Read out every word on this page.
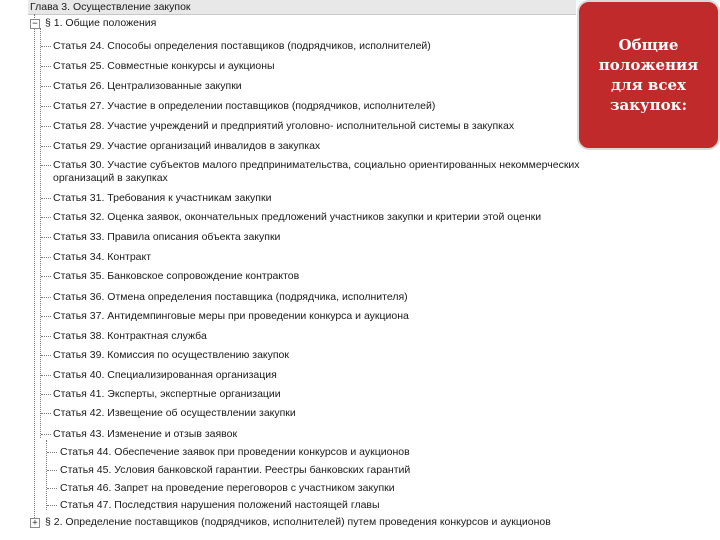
Глава 3. Осуществление закупок
− § 1. Общие положения
Статья 24. Способы определения поставщиков (подрядчиков, исполнителей)
Статья 25. Совместные конкурсы и аукционы
Статья 26. Централизованные закупки
Статья 27. Участие в определении поставщиков (подрядчиков, исполнителей)
Статья 28. Участие учреждений и предприятий уголовно- исполнительной системы в закупках
Статья 29. Участие организаций инвалидов в закупках
Статья 30. Участие субъектов малого предпринимательства, социально ориентированных некоммерческих
организаций в закупках
Статья 31. Требования к участникам закупки
Статья 32. Оценка заявок, окончательных предложений участников закупки и критерии этой оценки
Статья 33. Правила описания объекта закупки
Статья 34. Контракт
Статья 35. Банковское сопровождение контрактов
Статья 36. Отмена определения поставщика (подрядчика, исполнителя)
Статья 37. Антидемпинговые меры при проведении конкурса и аукциона
Статья 38. Контрактная служба
Статья 39. Комиссия по осуществлению закупок
Статья 40. Специализированная организация
Статья 41. Эксперты, экспертные организации
Статья 42. Извещение об осуществлении закупки
Статья 43. Изменение и отзыв заявок
Статья 44. Обеспечение заявок при проведении конкурсов и аукционов
Статья 45. Условия банковской гарантии. Реестры банковских гарантий
Статья 46. Запрет на проведение переговоров с участником закупки
Статья 47. Последствия нарушения положений настоящей главы
+ § 2. Определение поставщиков (подрядчиков, исполнителей) путем проведения конкурсов и аукционов
Общие
положения
для всех
закупок:
